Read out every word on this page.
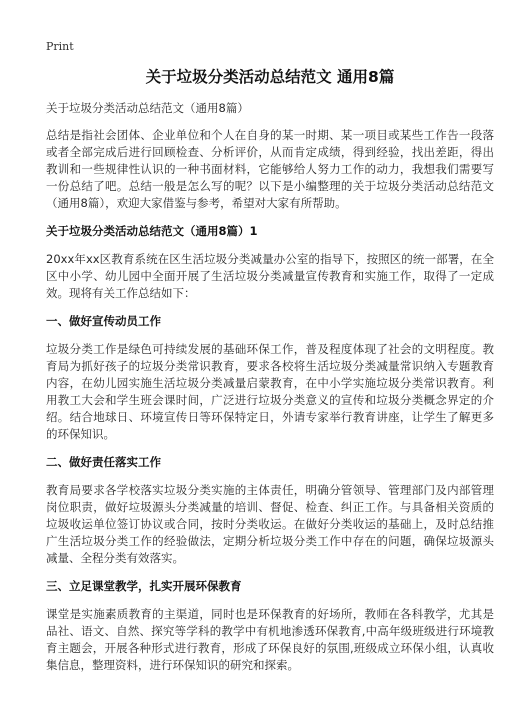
Print
关于垃圾分类活动总结范文 通用8篇

关于垃圾分类活动总结范文（通用8篇）

总结是指社会团体、企业单位和个人在自身的某一时期、某一项目或某些工作告一段落或者全部完成后进行回顾检查、分析评价，从而肯定成绩，得到经验，找出差距，得出教训和一些规律性认识的一种书面材料，它能够给人努力工作的动力，我想我们需要写一份总结了吧。总结一般是怎么写的呢？以下是小编整理的关于垃圾分类活动总结范文（通用8篇），欢迎大家借鉴与参考，希望对大家有所帮助。

关于垃圾分类活动总结范文（通用8篇）1

20xx年xx区教育系统在区生活垃圾分类减量办公室的指导下，按照区的统一部署，在全区中小学、幼儿园中全面开展了生活垃圾分类减量宣传教育和实施工作，取得了一定成效。现将有关工作总结如下：

一、做好宣传动员工作

垃圾分类工作是绿色可持续发展的基础环保工作，普及程度体现了社会的文明程度。教育局为抓好孩子的垃圾分类常识教育，要求各校将生活垃圾分类减量常识纳入专题教育内容，在幼儿园实施生活垃圾分类减量启蒙教育，在中小学实施垃圾分类常识教育。利用教工大会和学生班会课时间，广泛进行垃圾分类意义的宣传和垃圾分类概念界定的介绍。结合地球日、环境宣传日等环保特定日，外请专家举行教育讲座，让学生了解更多的环保知识。

二、做好责任落实工作

教育局要求各学校落实垃圾分类实施的主体责任，明确分管领导、管理部门及内部管理岗位职责，做好垃圾源头分类减量的培训、督促、检查、纠正工作。与具备相关资质的垃圾收运单位签订协议或合同，按时分类收运。在做好分类收运的基础上，及时总结推广生活垃圾分类工作的经验做法，定期分析垃圾分类工作中存在的问题，确保垃圾源头减量、全程分类有效落实。

三、立足课堂教学，扎实开展环保教育

课堂是实施素质教育的主渠道，同时也是环保教育的好场所，教师在各科教学，尤其是品社、语文、自然、探究等学科的教学中有机地渗透环保教育,中高年级班级进行环境教育主题会，开展各种形式进行教育，形成了环保良好的氛围,班级成立环保小组，认真收集信息，整理资料，进行环保知识的研究和探索。
